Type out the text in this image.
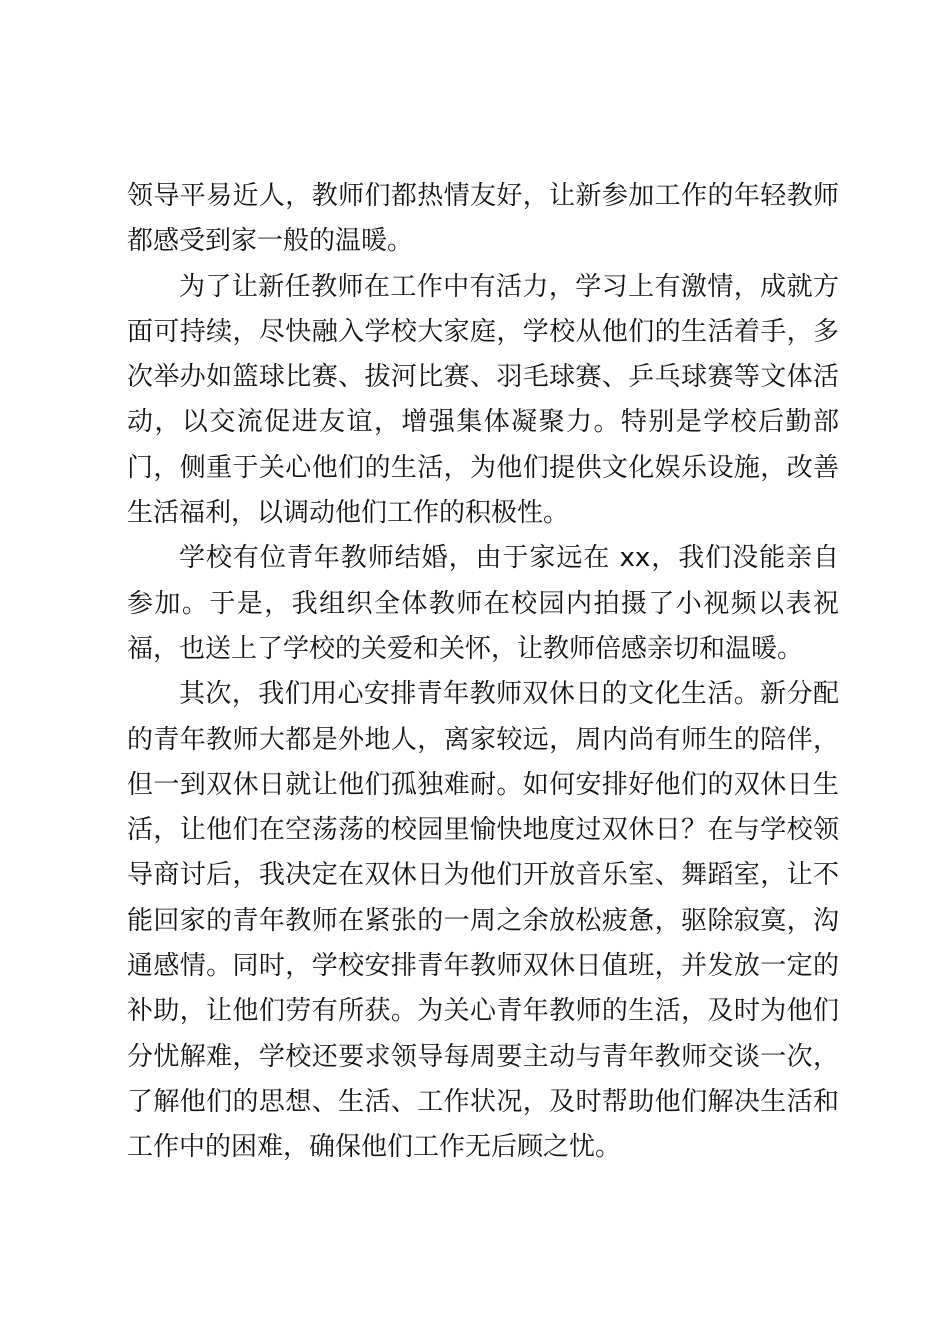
领导平易近人，教师们都热情友好，让新参加工作的年轻教师都感受到家一般的温暖。

为了让新任教师在工作中有活力，学习上有激情，成就方面可持续，尽快融入学校大家庭，学校从他们的生活着手，多次举办如篮球比赛、拔河比赛、羽毛球赛、乒乓球赛等文体活动，以交流促进友谊，增强集体凝聚力。特别是学校后勤部门，侧重于关心他们的生活，为他们提供文化娱乐设施，改善生活福利，以调动他们工作的积极性。

学校有位青年教师结婚，由于家远在 xx，我们没能亲自参加。于是，我组织全体教师在校园内拍摄了小视频以表祝福，也送上了学校的关爱和关怀，让教师倍感亲切和温暖。

其次，我们用心安排青年教师双休日的文化生活。新分配的青年教师大都是外地人，离家较远，周内尚有师生的陪伴，但一到双休日就让他们孤独难耐。如何安排好他们的双休日生活，让他们在空荡荡的校园里愉快地度过双休日？在与学校领导商讨后，我决定在双休日为他们开放音乐室、舞蹈室，让不能回家的青年教师在紧张的一周之余放松疲惫，驱除寂寞，沟通感情。同时，学校安排青年教师双休日值班，并发放一定的补助，让他们劳有所获。为关心青年教师的生活，及时为他们分忧解难，学校还要求领导每周要主动与青年教师交谈一次，了解他们的思想、生活、工作状况，及时帮助他们解决生活和工作中的困难，确保他们工作无后顾之忧。
